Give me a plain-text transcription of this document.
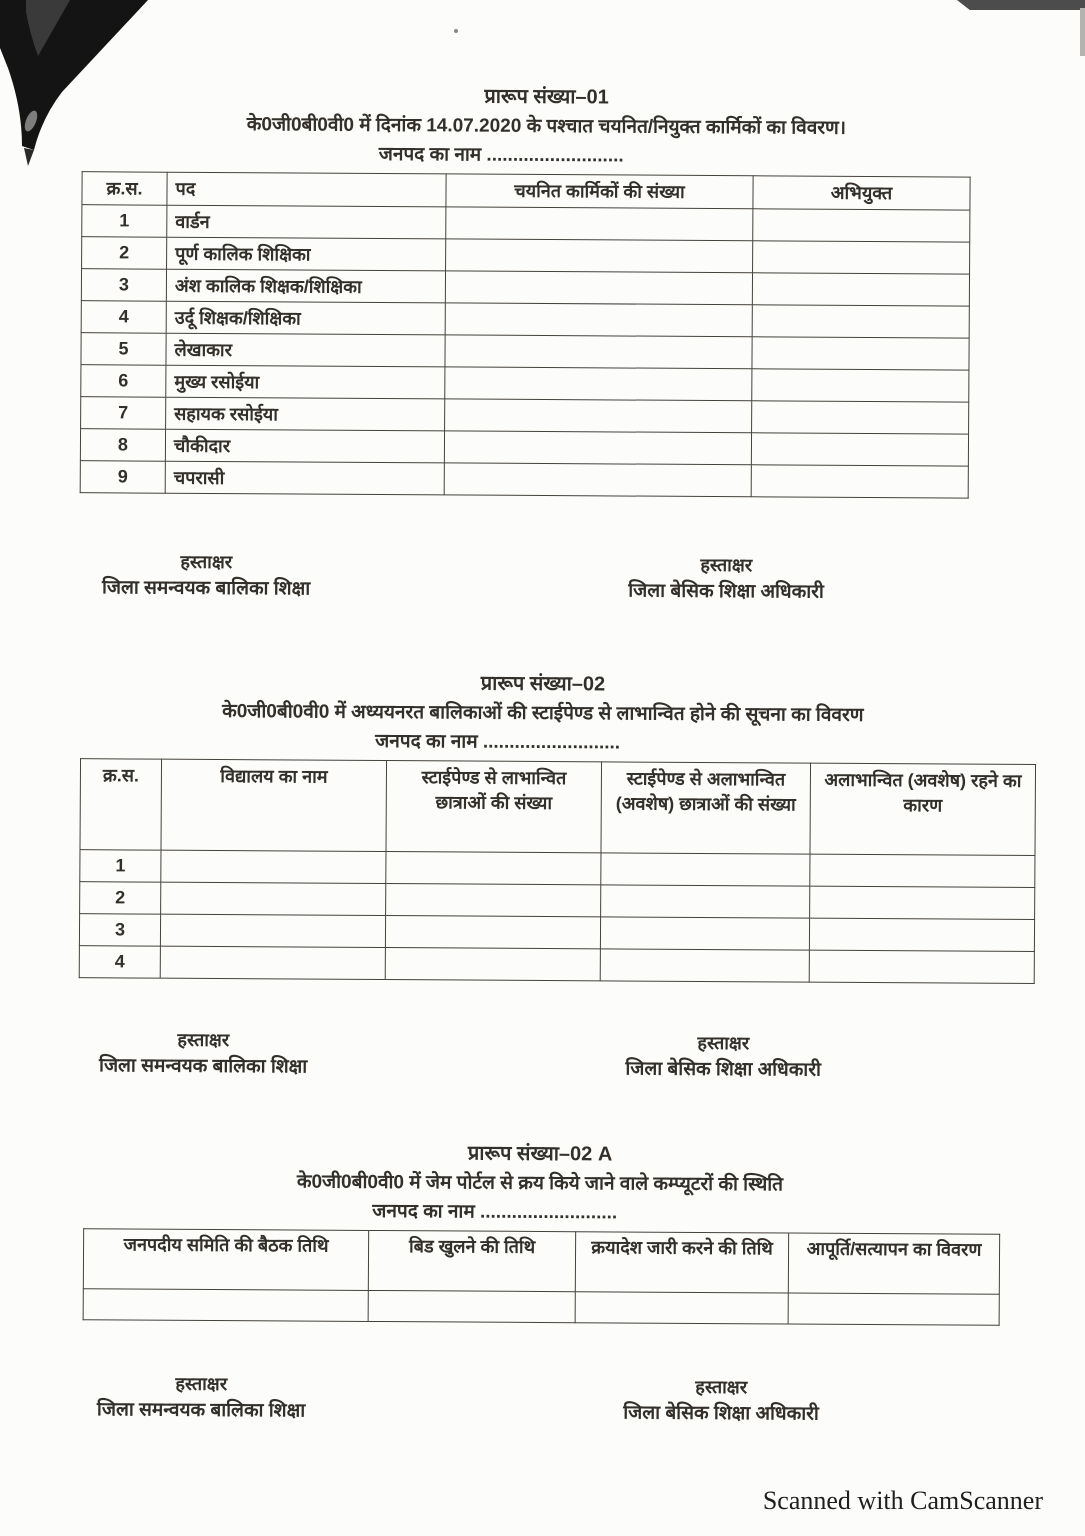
प्रारूप संख्या–01
के0जी0बी0वी0 में दिनांक 14.07.2020 के पश्चात चयनित/नियुक्त कार्मिकों का विवरण।
जनपद का नाम ..........................
क्र.स.	पद	चयनित कार्मिकों की संख्या	अभियुक्त
1	वार्डन		
2	पूर्ण कालिक शिक्षिका		
3	अंश कालिक शिक्षक/शिक्षिका		
4	उर्दू शिक्षक/शिक्षिका		
5	लेखाकार		
6	मुख्य रसोईया		
7	सहायक रसोईया		
8	चौकीदार		
9	चपरासी		
हस्ताक्षर
जिला समन्वयक बालिका शिक्षा
हस्ताक्षर
जिला बेसिक शिक्षा अधिकारी
प्रारूप संख्या–02
के0जी0बी0वी0 में अध्ययनरत बालिकाओं की स्टाईपेण्ड से लाभान्वित होने की सूचना का विवरण
जनपद का नाम ..........................
क्र.स.	विद्यालय का नाम	स्टाईपेण्ड से लाभान्वित छात्राओं की संख्या	स्टाईपेण्ड से अलाभान्वित (अवशेष) छात्राओं की संख्या	अलाभान्वित (अवशेष) रहने का कारण
1				
2				
3				
4				
हस्ताक्षर
जिला समन्वयक बालिका शिक्षा
हस्ताक्षर
जिला बेसिक शिक्षा अधिकारी
प्रारूप संख्या–02 A
के0जी0बी0वी0 में जेम पोर्टल से क्रय किये जाने वाले कम्प्यूटरों की स्थिति
जनपद का नाम ..........................
जनपदीय समिति की बैठक तिथि	बिड खुलने की तिथि	क्रयादेश जारी करने की तिथि	आपूर्ति/सत्यापन का विवरण

हस्ताक्षर
जिला समन्वयक बालिका शिक्षा
हस्ताक्षर
जिला बेसिक शिक्षा अधिकारी
Scanned with CamScanner
